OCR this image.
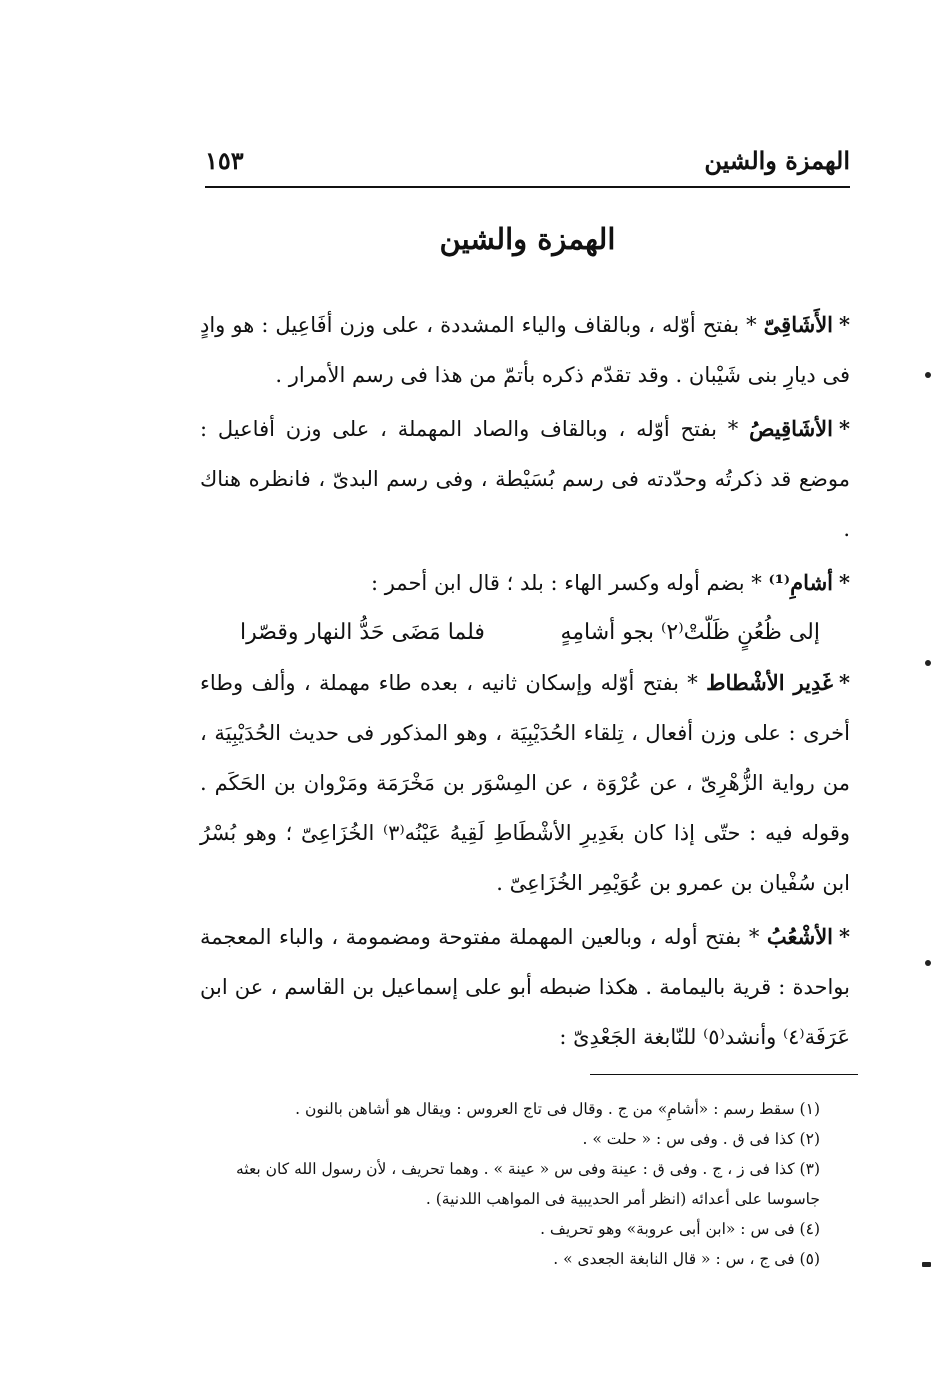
الهمزة والشين
١٥٣
الهمزة والشين

*الأَشَاقِىّ * بفتح أوّله ، وبالقاف والياء المشددة ، على وزن أفَاعِيل : هو وادٍ فى ديارِ بنى شَيْبان . وقد تقدّم ذكره بأتمّ من هذا فى رسم الأمرار .

*الأشَاقِيصُ * بفتح أوّله ، وبالقاف والصاد المهملة ، على وزن أفاعيل : موضع قد ذكرتُه وحدّدته فى رسم بُسَيْطة ، وفى رسم البدىّ ، فانظره هناك .

*أشامِ⁽¹⁾ * بضم أوله وكسر الهاء : بلد ؛ قال ابن أحمر :

إلى ظُعُنٍ ظَلّتْ⁽٢⁾ بجو أشامِهٍ
فلما مَضَى حَدُّ النهار وقصّرا

*غَدِير الأشْطاط * بفتح أوّله وإسكان ثانيه ، بعده طاء مهملة ، وألف وطاء أخرى : على وزن أفعال ، تِلقاء الحُدَيْبِيَة ، وهو المذكور فى حديث الحُدَيْبِيَة ، من رواية الزُّهْرِىّ ، عن عُرْوَة ، عن المِسْوَر بن مَخْرَمَة ومَرْوان بن الحَكَم . وقوله فيه : حتّى إذا كان بغَدِيرِ الأشْطَاطِ لَقِيهُ عَيْنُه⁽٣⁾ الخُزَاعِىّ ؛ وهو بُسْرُ ابن سُفْيان بن عمرو بن عُوَيْمِر الخُزَاعِىّ .

*الأشْعُبُ * بفتح أوله ، وبالعين المهملة مفتوحة ومضمومة ، والباء المعجمة بواحدة : قرية باليمامة . هكذا ضبطه أبو على إسماعيل بن القاسم ، عن ابن عَرَفَة⁽٤⁾ وأنشد⁽٥⁾ للنّابغة الجَعْدِىّ :

(١) سقط رسم : «أشامِ» من ج . وقال فى تاج العروس : ويقال هو أشاهن بالنون .

(٢) كذا فى ق . وفى س : « حلت » .

(٣) كذا فى ز ، ج . وفى ق : عينة وفى س « عينة » . وهما تحريف ، لأن رسول الله كان بعثه جاسوسا على أعدائه (انظر أمر الحديبية فى المواهب اللدنية) .

(٤) فى س : «ابن أبى عروبة» وهو تحريف .

(٥) فى ج ، س : « قال النابغة الجعدى » .
